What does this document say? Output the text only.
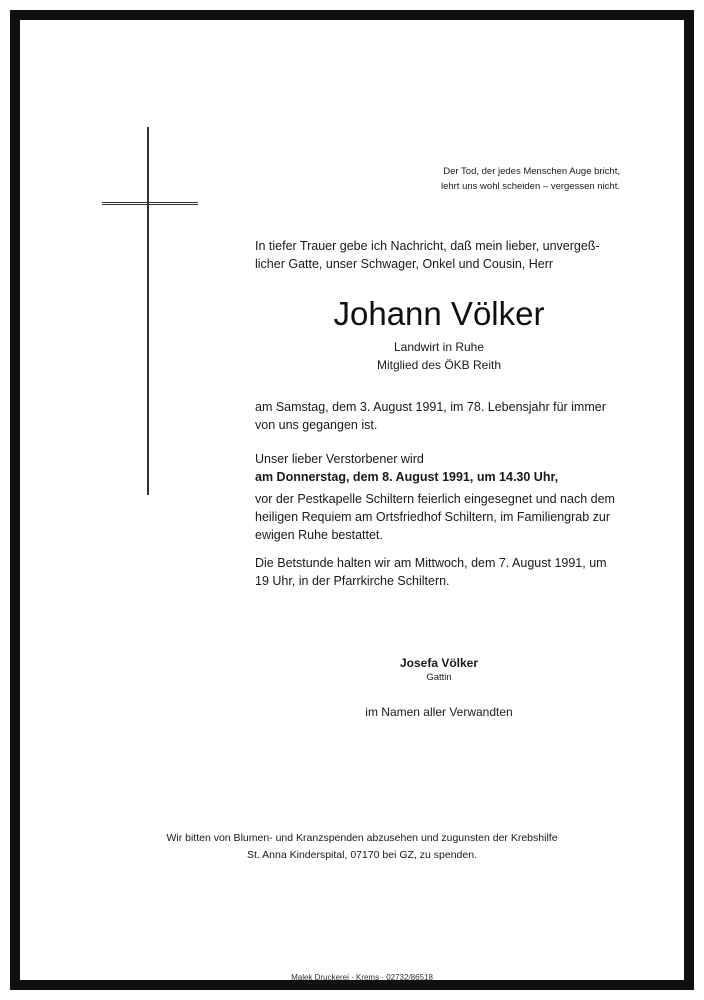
Der Tod, der jedes Menschen Auge bricht,
lehrt uns wohl scheiden – vergessen nicht.
In tiefer Trauer gebe ich Nachricht, daß mein lieber, unvergeß-
licher Gatte, unser Schwager, Onkel und Cousin, Herr
Johann Völker
Landwirt in Ruhe
Mitglied des ÖKB Reith
am Samstag, dem 3. August 1991, im 78. Lebensjahr für immer
von uns gegangen ist.
Unser lieber Verstorbener wird
am Donnerstag, dem 8. August 1991, um 14.30 Uhr,
vor der Pestkapelle Schiltern feierlich eingesegnet und nach dem
heiligen Requiem am Ortsfriedhof Schiltern, im Familiengrab zur
ewigen Ruhe bestattet.
Die Betstunde halten wir am Mittwoch, dem 7. August 1991, um
19 Uhr, in der Pfarrkirche Schiltern.
Josefa Völker
Gattin
im Namen aller Verwandten
Wir bitten von Blumen- und Kranzspenden abzusehen und zugunsten der Krebshilfe
St. Anna Kinderspital, 07170 bei GZ, zu spenden.
Malek Druckerei · Krems · 02732/86518
